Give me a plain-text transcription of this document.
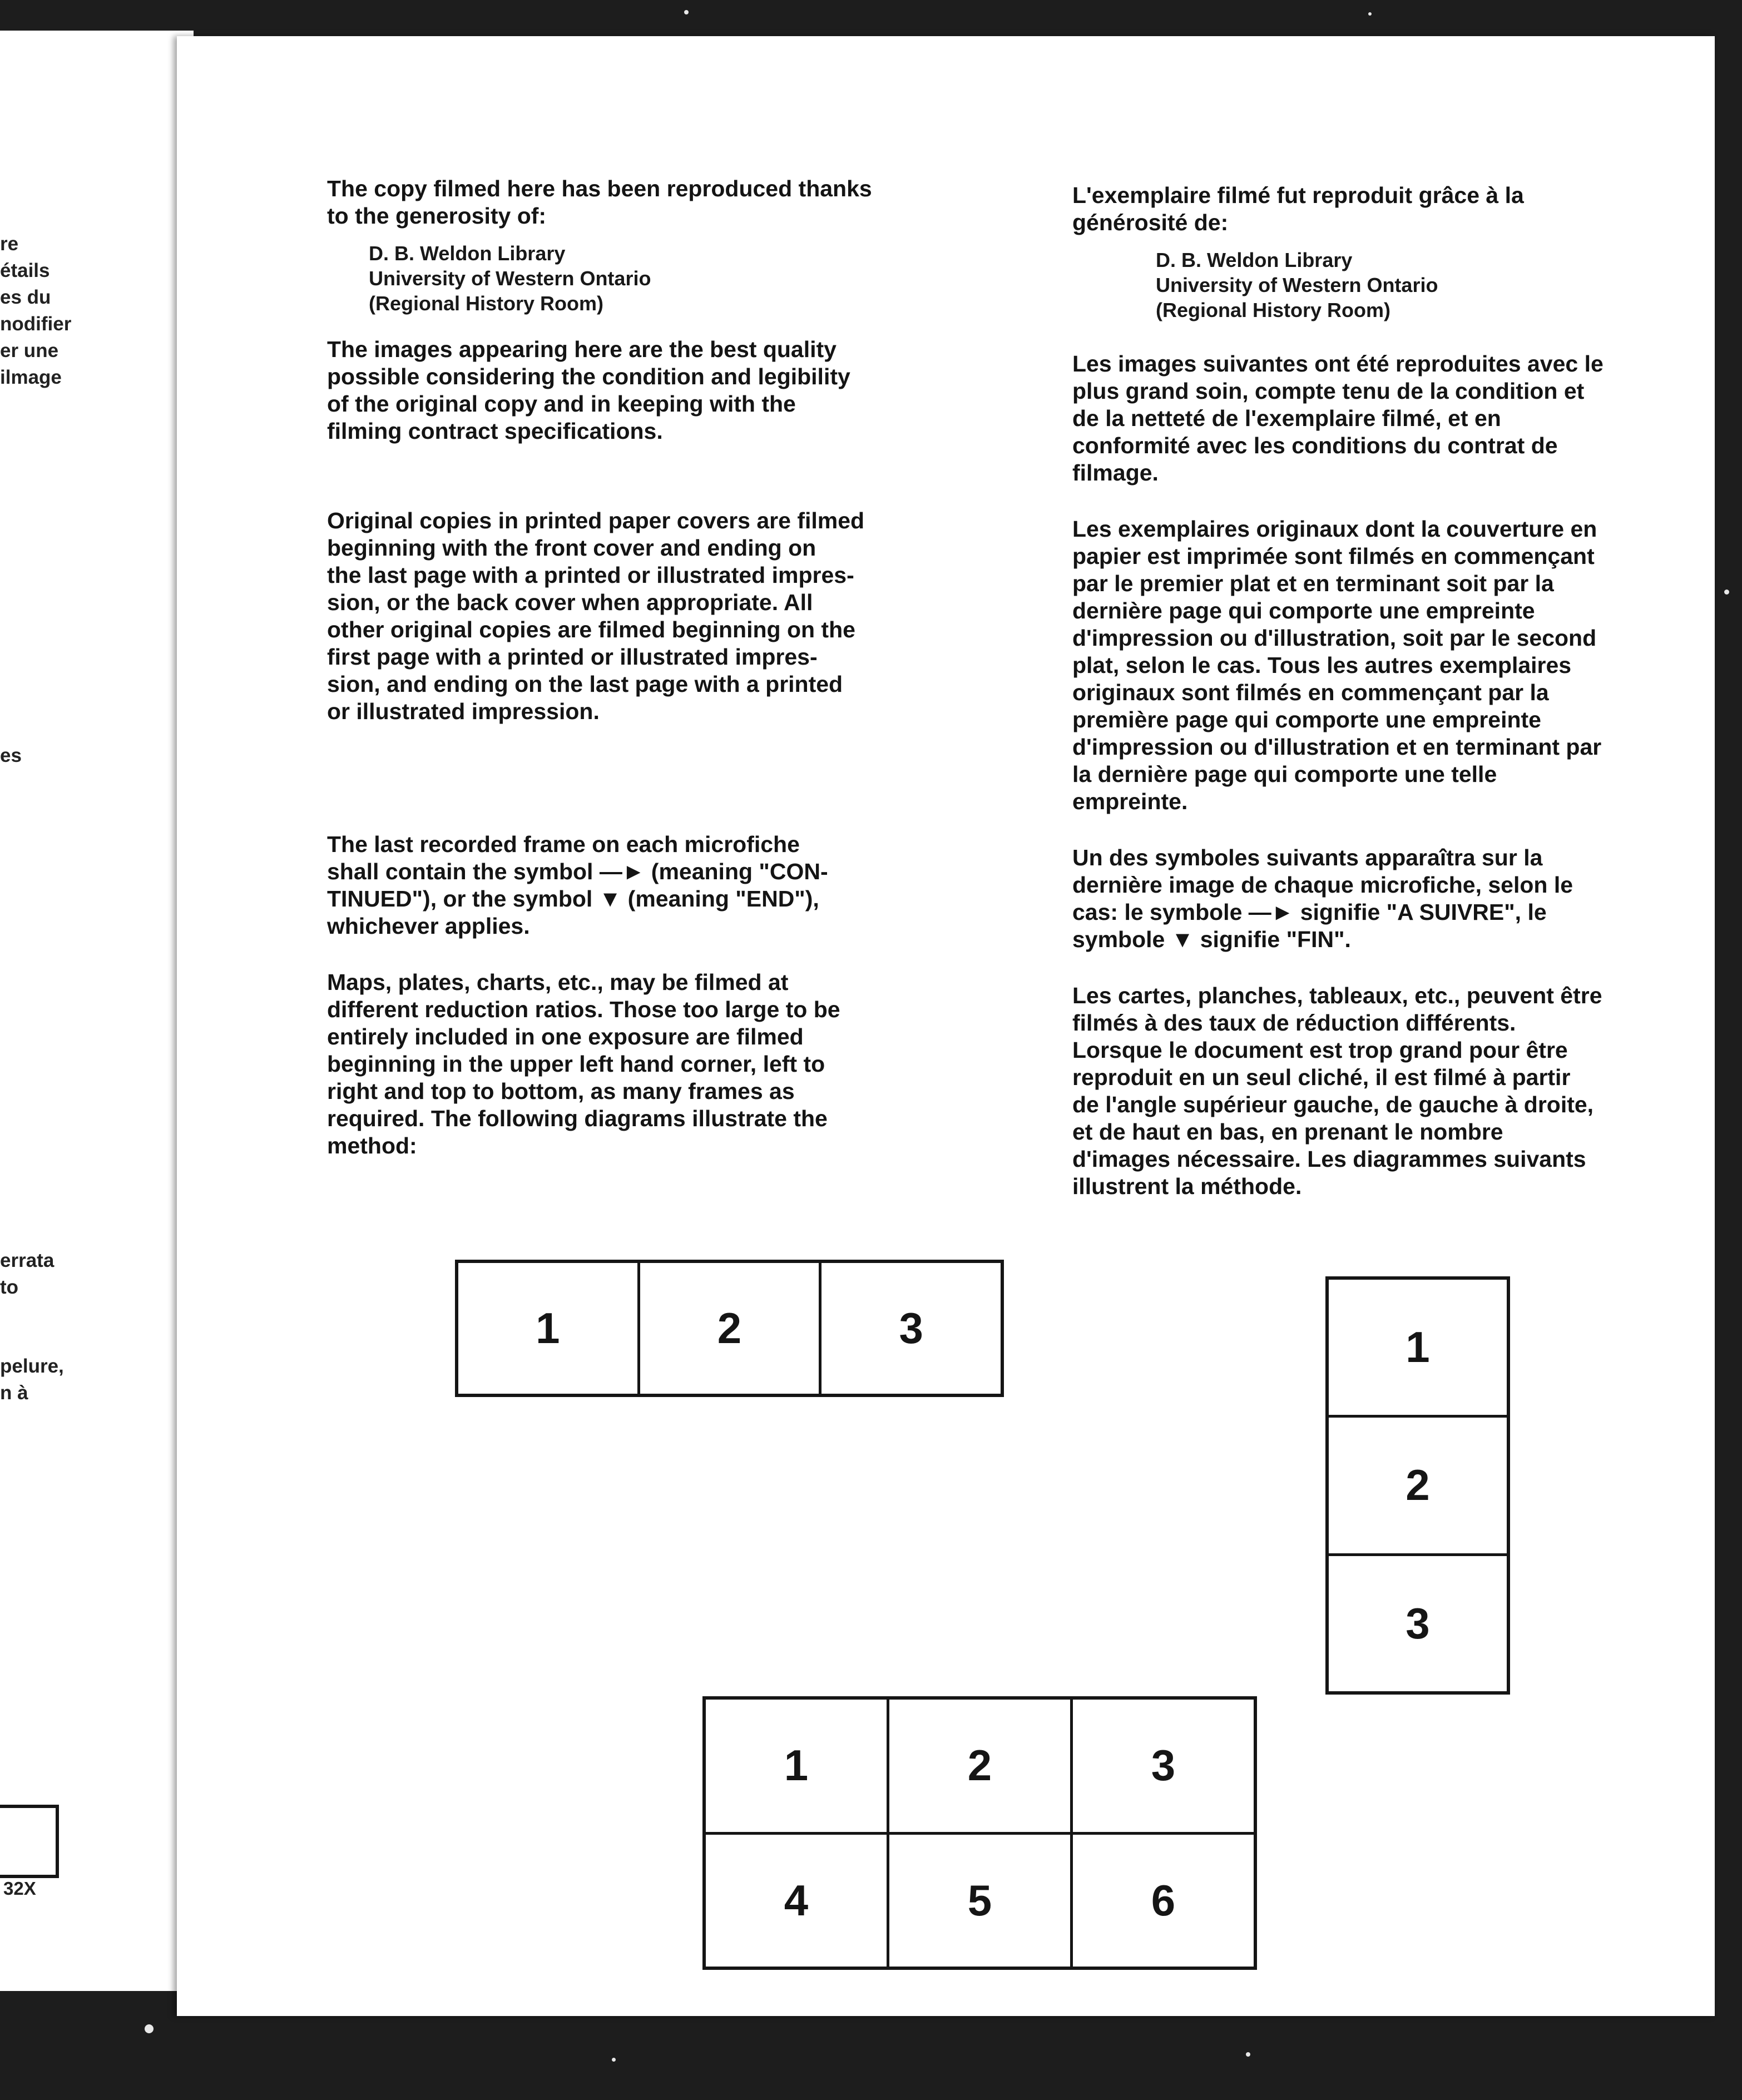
re
étails
es du
nodifier
er une
ilmage
es
errata
to
pelure,
n à
32X

The copy filmed here has been reproduced thanks
to the generosity of:

D. B. Weldon Library
University of Western Ontario
(Regional History Room)

The images appearing here are the best quality
possible considering the condition and legibility
of the original copy and in keeping with the
filming contract specifications.

Original copies in printed paper covers are filmed
beginning with the front cover and ending on
the last page with a printed or illustrated impres-
sion, or the back cover when appropriate. All
other original copies are filmed beginning on the
first page with a printed or illustrated impres-
sion, and ending on the last page with a printed
or illustrated impression.

The last recorded frame on each microfiche
shall contain the symbol —► (meaning "CON-
TINUED"), or the symbol ▼ (meaning "END"),
whichever applies.

Maps, plates, charts, etc., may be filmed at
different reduction ratios. Those too large to be
entirely included in one exposure are filmed
beginning in the upper left hand corner, left to
right and top to bottom, as many frames as
required. The following diagrams illustrate the
method:

L'exemplaire filmé fut reproduit grâce à la
générosité de:

D. B. Weldon Library
University of Western Ontario
(Regional History Room)

Les images suivantes ont été reproduites avec le
plus grand soin, compte tenu de la condition et
de la netteté de l'exemplaire filmé, et en
conformité avec les conditions du contrat de
filmage.

Les exemplaires originaux dont la couverture en
papier est imprimée sont filmés en commençant
par le premier plat et en terminant soit par la
dernière page qui comporte une empreinte
d'impression ou d'illustration, soit par le second
plat, selon le cas. Tous les autres exemplaires
originaux sont filmés en commençant par la
première page qui comporte une empreinte
d'impression ou d'illustration et en terminant par
la dernière page qui comporte une telle
empreinte.

Un des symboles suivants apparaîtra sur la
dernière image de chaque microfiche, selon le
cas: le symbole —► signifie "A SUIVRE", le
symbole ▼ signifie "FIN".

Les cartes, planches, tableaux, etc., peuvent être
filmés à des taux de réduction différents.
Lorsque le document est trop grand pour être
reproduit en un seul cliché, il est filmé à partir
de l'angle supérieur gauche, de gauche à droite,
et de haut en bas, en prenant le nombre
d'images nécessaire. Les diagrammes suivants
illustrent la méthode.

1	2	3	1
2
3
1	2	3
4	5	6
